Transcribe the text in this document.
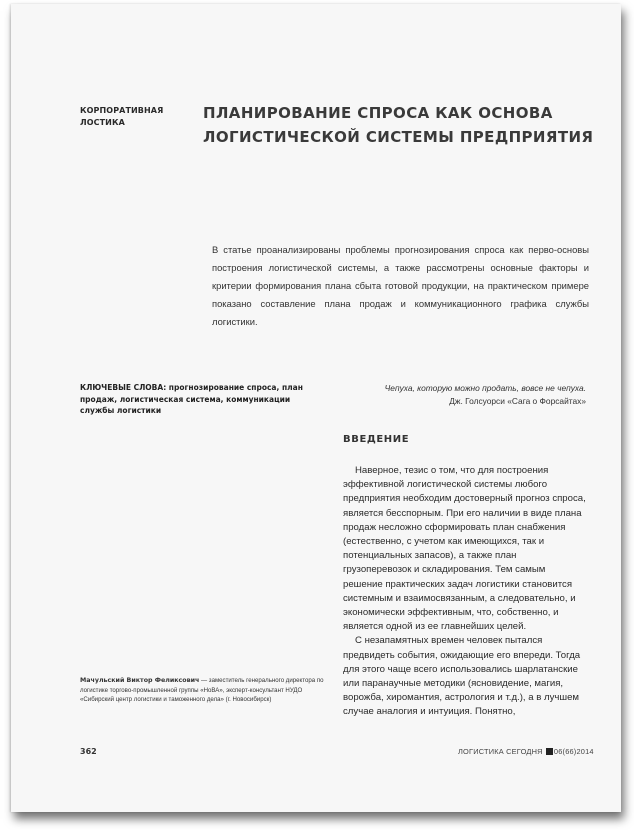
КОРПОРАТИВНАЯ ЛОСТИКА
ПЛАНИРОВАНИЕ СПРОСА КАК ОСНОВА
ЛОГИСТИЧЕСКОЙ СИСТЕМЫ ПРЕДПРИЯТИЯ
В статье проанализированы проблемы прогнозирования спроса как перво-основы построения логистической системы, а также рассмотрены основные факторы и критерии формирования плана сбыта готовой продукции, на практическом примере показано составление плана продаж и коммуникационного графика службы логистики.
КЛЮЧЕВЫЕ СЛОВА: прогнозирование спроса, план продаж, логистическая система, коммуникации службы логистики
Чепуха, которую можно продать, вовсе не чепуха.
Дж. Голсуорси «Сага о Форсайтах»
ВВЕДЕНИЕ

Наверное, тезис о том, что для построения эффективной логистической системы любого предприятия необходим достоверный прогноз спроса, является бесспорным. При его наличии в виде плана продаж несложно сформировать план снабжения (естественно, с учетом как имеющихся, так и потенциальных запасов), а также план грузоперевозок и складирования. Тем самым решение практических задач логистики становится системным и взаимосвязанным, а следовательно, и экономически эффективным, что, собственно, и является одной из ее главнейших целей.

С незапамятных времен человек пытался предвидеть события, ожидающие его впереди. Тогда для этого чаще всего использовались шарлатанские или паранаучные методики (ясновидение, магия, ворожба, хиромантия, астрология и т.д.), а в лучшем случае аналогия и интуиция. Понятно,

Мачульский Виктор Феликсович — заместитель генерального директора по логистике торгово-промышленной группы «НоВА», эксперт-консультант НУДО «Сибирский центр логистики и таможенного дела» (г. Новосибирск)
362	ЛОГИСТИКА СЕГОДНЯ 06(66)2014
